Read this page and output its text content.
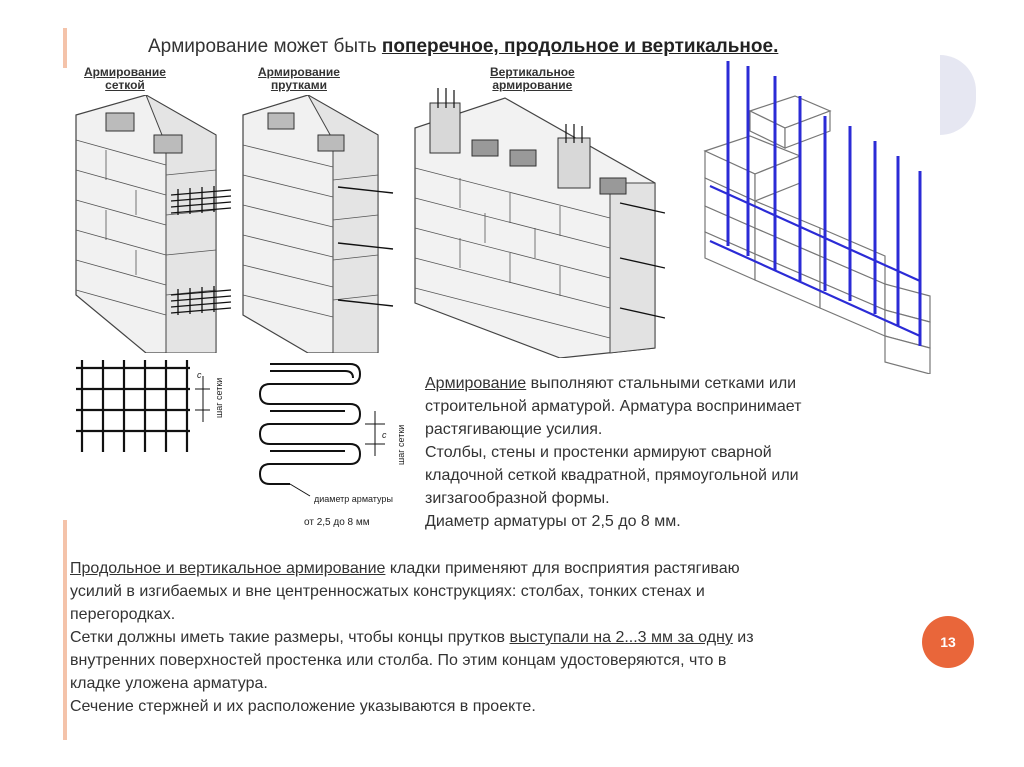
Армирование может быть поперечное, продольное и вертикальное.
Армирование
сеткой
Армирование
прутками
Вертикальное
армирование
c
шаг сетки
c шаг сетки
диаметр арматуры
от 2,5 до 8 мм
Армирование выполняют стальными сетками или
строительной арматурой. Арматура воспринимает
растягивающие усилия.
Столбы, стены и простенки армируют сварной
кладочной сеткой квадратной, прямоугольной или
зигзагообразной формы.
Диаметр арматуры от 2,5 до 8 мм.
Продольное и вертикальное армирование кладки применяют для восприятия растягиваю
усилий в изгибаемых и вне центренносжатых конструкциях: столбах, тонких стенах и
перегородках.
Сетки должны иметь такие размеры, чтобы концы прутков выступали на 2...3 мм за одну из
внутренних поверхностей простенка или столба. По этим концам удостоверяются, что в
кладке уложена арматура.
Сечение стержней и их расположение указываются в проекте.
13
